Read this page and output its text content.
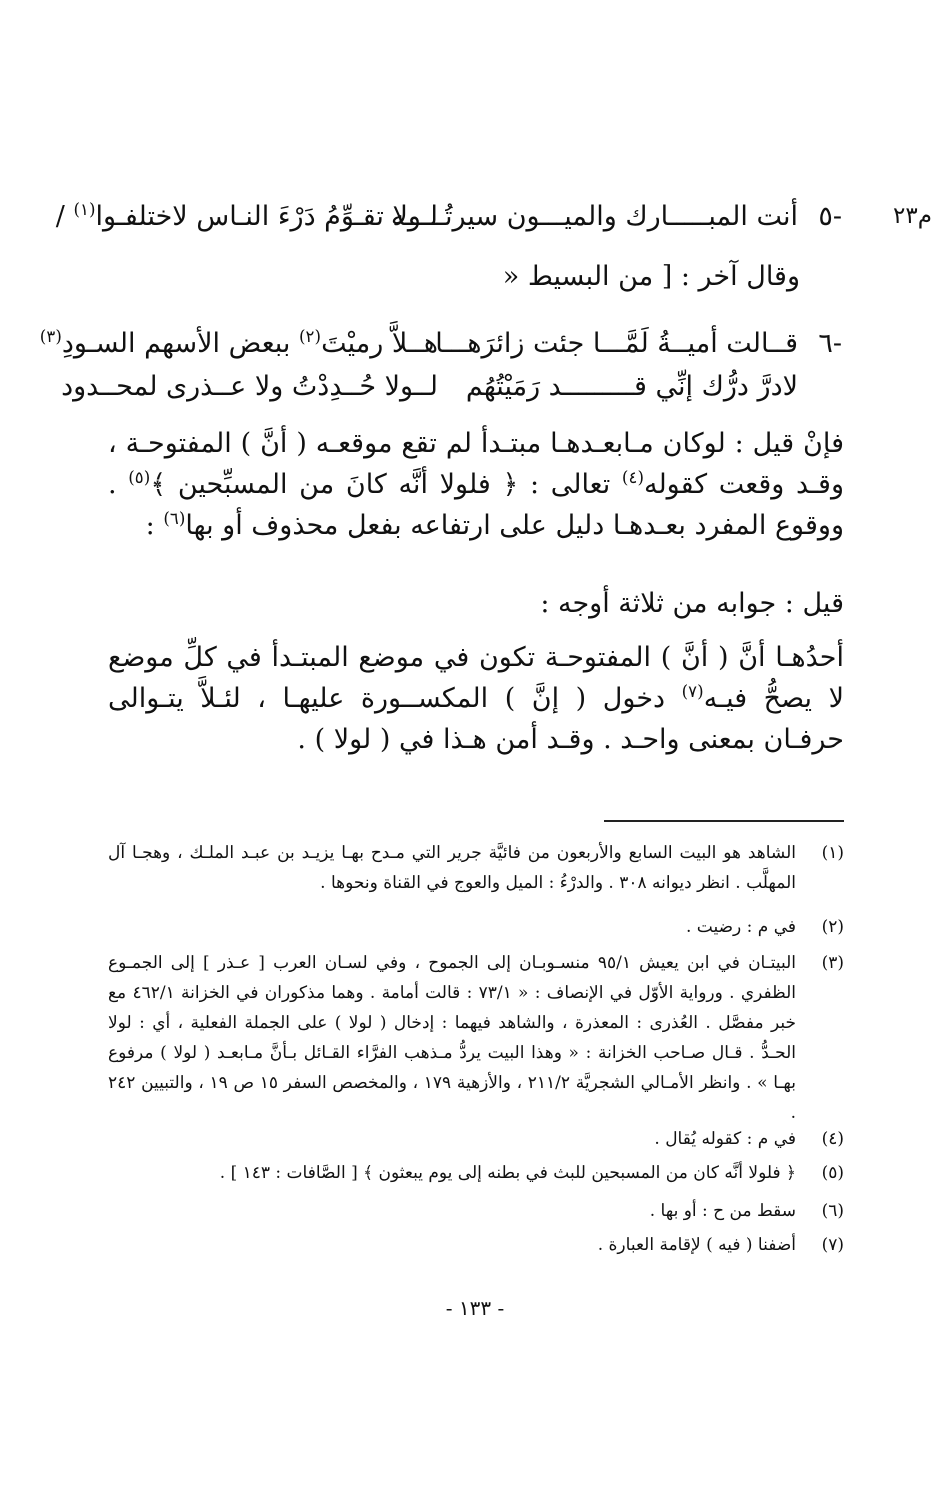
م٢٣
٥-
أنت المبـــــارك والميـــون سيرتُـــــه
لـولا تقـوِّمُ دَرْءَ النـاس لاختلفـوا$^{(١)}$ /
وقال آخر : [ من البسيط «
٦-
قــالت أميــةُ لَمَّـــا جئت زائرَهـــا
هــلاَّ رميْتَ$^{(٢)}$ ببعض الأسهم السـودِ$^{(٣)}$
لادرَّ درُّك إنِّي قـــــــــد رَمَيْتُهُم
لــولا حُــدِدْتُ ولا عــذرى لمحــدود
فإنْ قيل : لوكان مـابعـدهـا مبتـدأ لم تقع موقعـه ( أنَّ ) المفتوحـة ، وقـد وقعت كقوله$^{(٤)}$ تعالى : ﴿ فلولا أنَّه كانَ من المسبِّحين ﴾$^{(٥)}$ . ووقوع المفرد بعـدهـا دليل على ارتفاعه بفعل محذوف أو بها$^{(٦)}$ :
قيل : جوابه من ثلاثة أوجه :
أحدُهـا أنَّ ( أنَّ ) المفتوحـة تكون في موضع المبتـدأ في كلِّ موضع لا يصحُّ فيـه$^{(٧)}$ دخول ( إنَّ ) المكســورة عليهـا ، لئـلاَّ يتـوالى حرفـان بمعنى واحـد . وقـد أمن هـذا في ( لولا ) .
(١)
الشاهد هو البيت السابع والأربعون من فائيَّة جرير التي مـدح بهـا يزيـد بن عبـد الملـك ، وهجـا آل المهلَّب . انظر ديوانه ٣٠٨ . والدرْءُ : الميل والعوج في القناة ونحوها .
(٢)
في م : رضيت .
(٣)
البيتـان في ابن يعيش ٩٥/١ منسـوبـان إلى الجموح ، وفي لسـان العرب [ عـذر ] إلى الجمـوع الظفري . ورواية الأوّل في الإنصاف : « ٧٣/١ : قالت أمامة . وهما مذكوران في الخزانة ٤٦٢/١ مع خبر مفصَّل . العُذرى : المعذرة ، والشاهد فيهما : إدخال ( لولا ) على الجملة الفعلية ، أي : لولا الحـدُّ . قـال صـاحب الخزانة : « وهذا البيت يردُّ مـذهب الفرَّاء القـائل بـأنَّ مـابعـد ( لولا ) مرفوع بهـا » . وانظر الأمـالي الشجريَّة ٢١١/٢ ، والأزهية ١٧٩ ، والمخصص السفر ١٥ ص ١٩ ، والتبيين ٢٤٢ .
(٤)
في م : كقوله يُقال .
(٥)
﴿ فلولا أنَّه كان من المسبحين للبث في بطنه إلى يوم يبعثون ﴾ [ الصَّافات : ١٤٣ ] .
(٦)
سقط من ح : أو بها .
(٧)
أضفنا ( فيه ) لإقامة العبارة .
- ١٣٣ -
